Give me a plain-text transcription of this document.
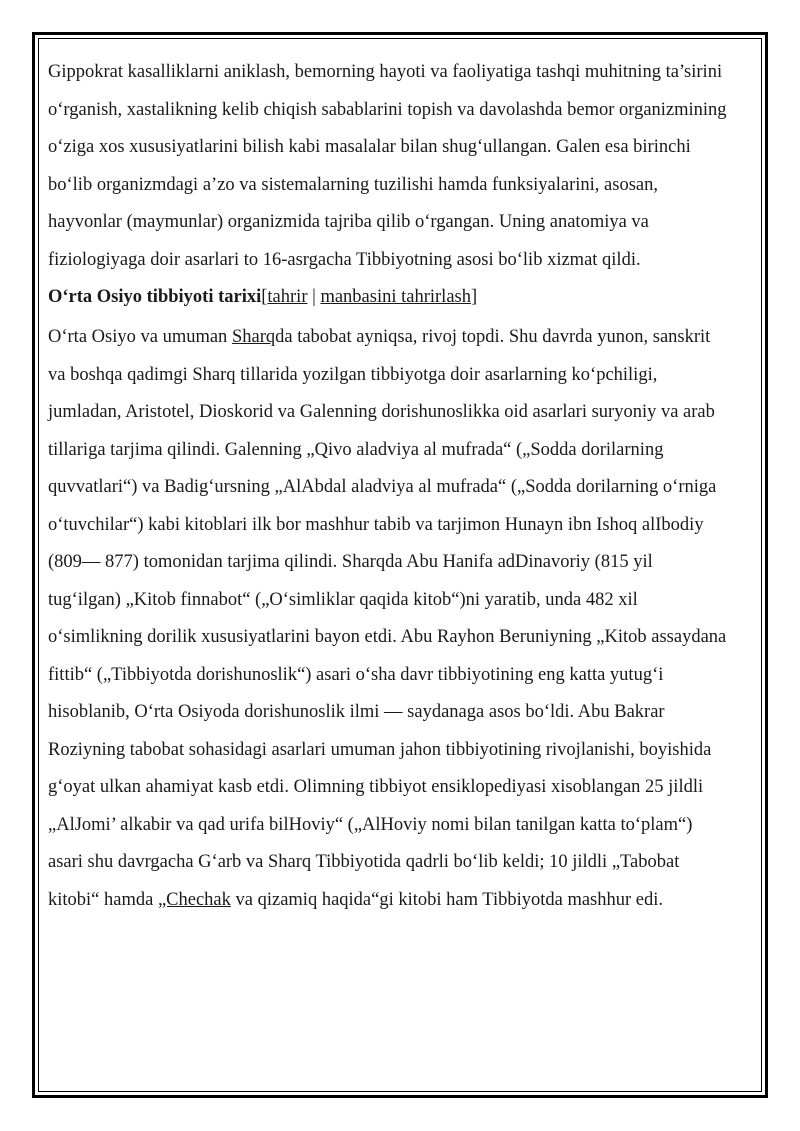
Gippokrat kasalliklarni aniklash, bemorning hayoti va faoliyatiga tashqi muhitning ta’sirini o‘rganish, xastalikning kelib chiqish sabablarini topish va davolashda bemor organizmining o‘ziga xos xususiyatlarini bilish kabi masalalar bilan shug‘ullangan. Galen esa birinchi bo‘lib organizmdagi a’zo va sistemalarning tuzilishi hamda funksiyalarini, asosan, hayvonlar (maymunlar) organizmida tajriba qilib o‘rgangan. Uning anatomiya va fiziologiyaga doir asarlari to 16-asrgacha Tibbiyotning asosi bo‘lib xizmat qildi.

O‘rta Osiyo tibbiyoti tarixi[tahrir | manbasini tahrirlash]

O‘rta Osiyo va umuman Sharqda tabobat ayniqsa, rivoj topdi. Shu davrda yunon, sanskrit va boshqa qadimgi Sharq tillarida yozilgan tibbiyotga doir asarlarning ko‘pchiligi, jumladan, Aristotel, Dioskorid va Galenning dorishunoslikka oid asarlari suryoniy va arab tillariga tarjima qilindi. Galenning „Qivo aladviya al mufrada“ („Sodda dorilarning quvvatlari“) va Badig‘ursning „AlAbdal aladviya al mufrada“ („Sodda dorilarning o‘rniga o‘tuvchilar“) kabi kitoblari ilk bor mashhur tabib va tarjimon Hunayn ibn Ishoq alIbodiy (809— 877) tomonidan tarjima qilindi. Sharqda Abu Hanifa adDinavoriy (815 yil tug‘ilgan) „Kitob finnabot“ („O‘simliklar qaqida kitob“)ni yaratib, unda 482 xil o‘simlikning dorilik xususiyatlarini bayon etdi. Abu Rayhon Beruniyning „Kitob assaydana fittib“ („Tibbiyotda dorishunoslik“) asari o‘sha davr tibbiyotining eng katta yutug‘i hisoblanib, O‘rta Osiyoda dorishunoslik ilmi — saydanaga asos bo‘ldi. Abu Bakrar Roziyning tabobat sohasidagi asarlari umuman jahon tibbiyotining rivojlanishi, boyishida g‘oyat ulkan ahamiyat kasb etdi. Olimning tibbiyot ensiklopediyasi xisoblangan 25 jildli „AlJomi’ alkabir va qad urifa bilHoviy“ („AlHoviy nomi bilan tanilgan katta to‘plam“) asari shu davrgacha G‘arb va Sharq Tibbiyotida qadrli bo‘lib keldi; 10 jildli „Tabobat kitobi“ hamda „Chechak va qizamiq haqida“gi kitobi ham Tibbiyotda mashhur edi.
